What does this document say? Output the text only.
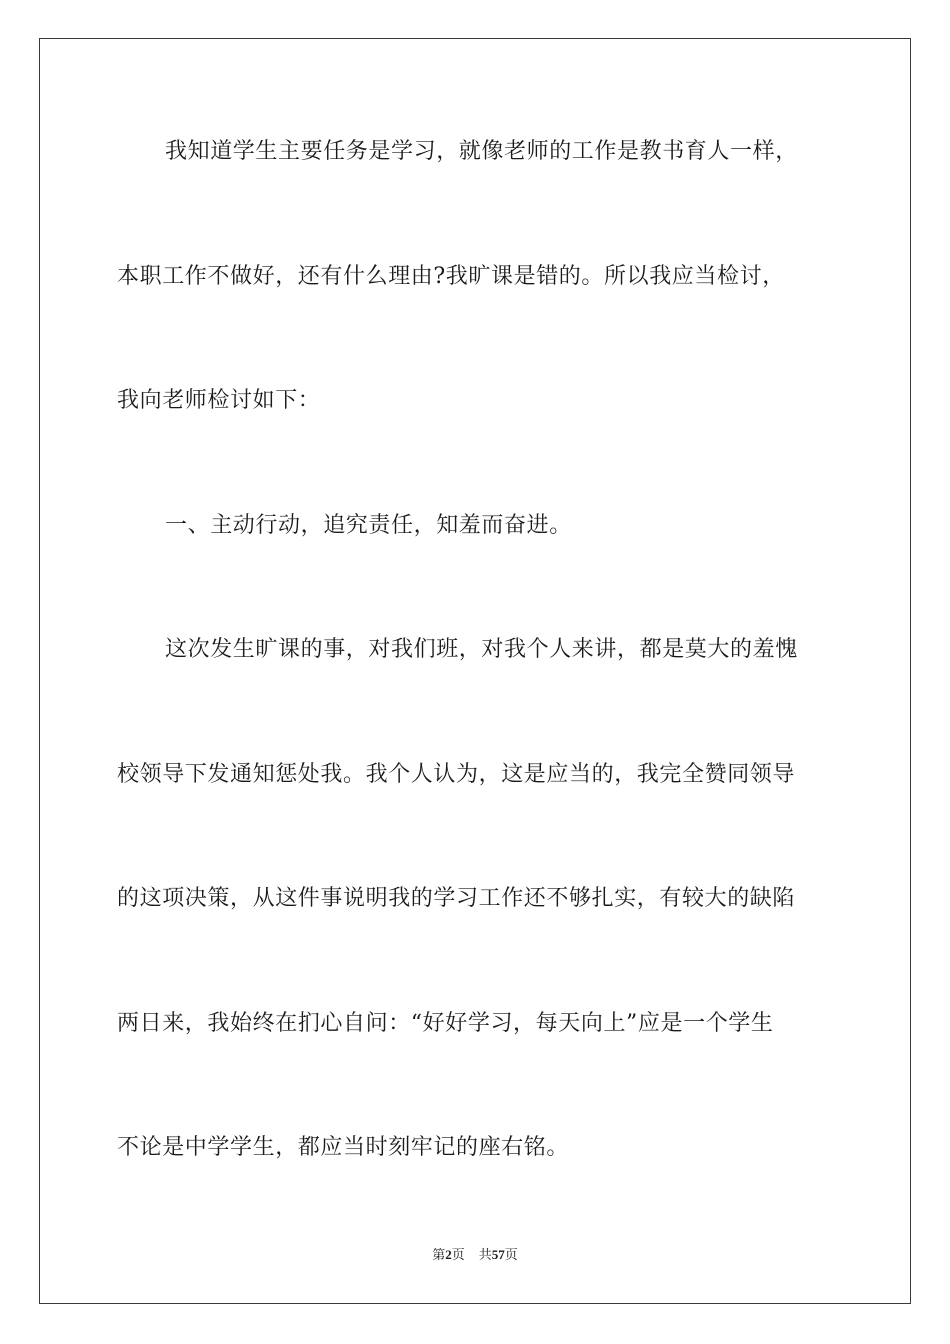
我知道学生主要任务是学习，就像老师的工作是教书育人一样，
本职工作不做好，还有什么理由?我旷课是错的。所以我应当检讨，
我向老师检讨如下：
一、主动行动，追究责任，知羞而奋进。
这次发生旷课的事，对我们班，对我个人来讲，都是莫大的羞愧
校领导下发通知惩处我。我个人认为，这是应当的，我完全赞同领导
的这项决策，从这件事说明我的学习工作还不够扎实，有较大的缺陷
两日来，我始终在扪心自问：“好好学习，每天向上”应是一个学生
不论是中学学生，都应当时刻牢记的座右铭。
第2页 共57页
